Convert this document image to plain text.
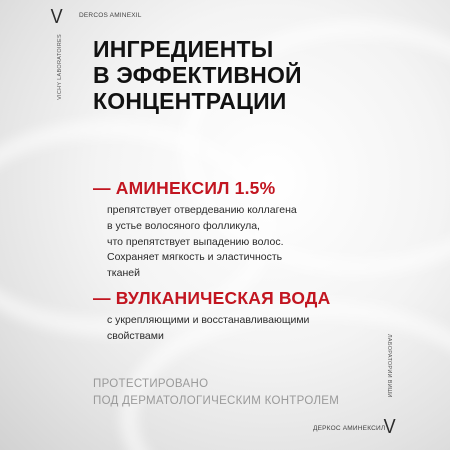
V	DERCOS AMINEXIL
VICHY LABORATOIRES ИНГРЕДИЕНТЫ
В ЭФФЕКТИВНОЙ
КОНЦЕНТРАЦИИ
— АМИНЕКСИЛ 1.5%
препятствует отвердеванию коллагена
в устье волосяного фолликула,
что препятствует выпадению волос.
Сохраняет мягкость и эластичность
тканей
— ВУЛКАНИЧЕСКАЯ ВОДА
с укрепляющими и восстанавливающими
свойствами
ПРОТЕСТИРОВАНО
ПОД ДЕРМАТОЛОГИЧЕСКИМ КОНТРОЛЕМ
ЛАБОРАТОРИИ ВИШИ
ДЕРКОС АМИНЕКСИЛ
V
